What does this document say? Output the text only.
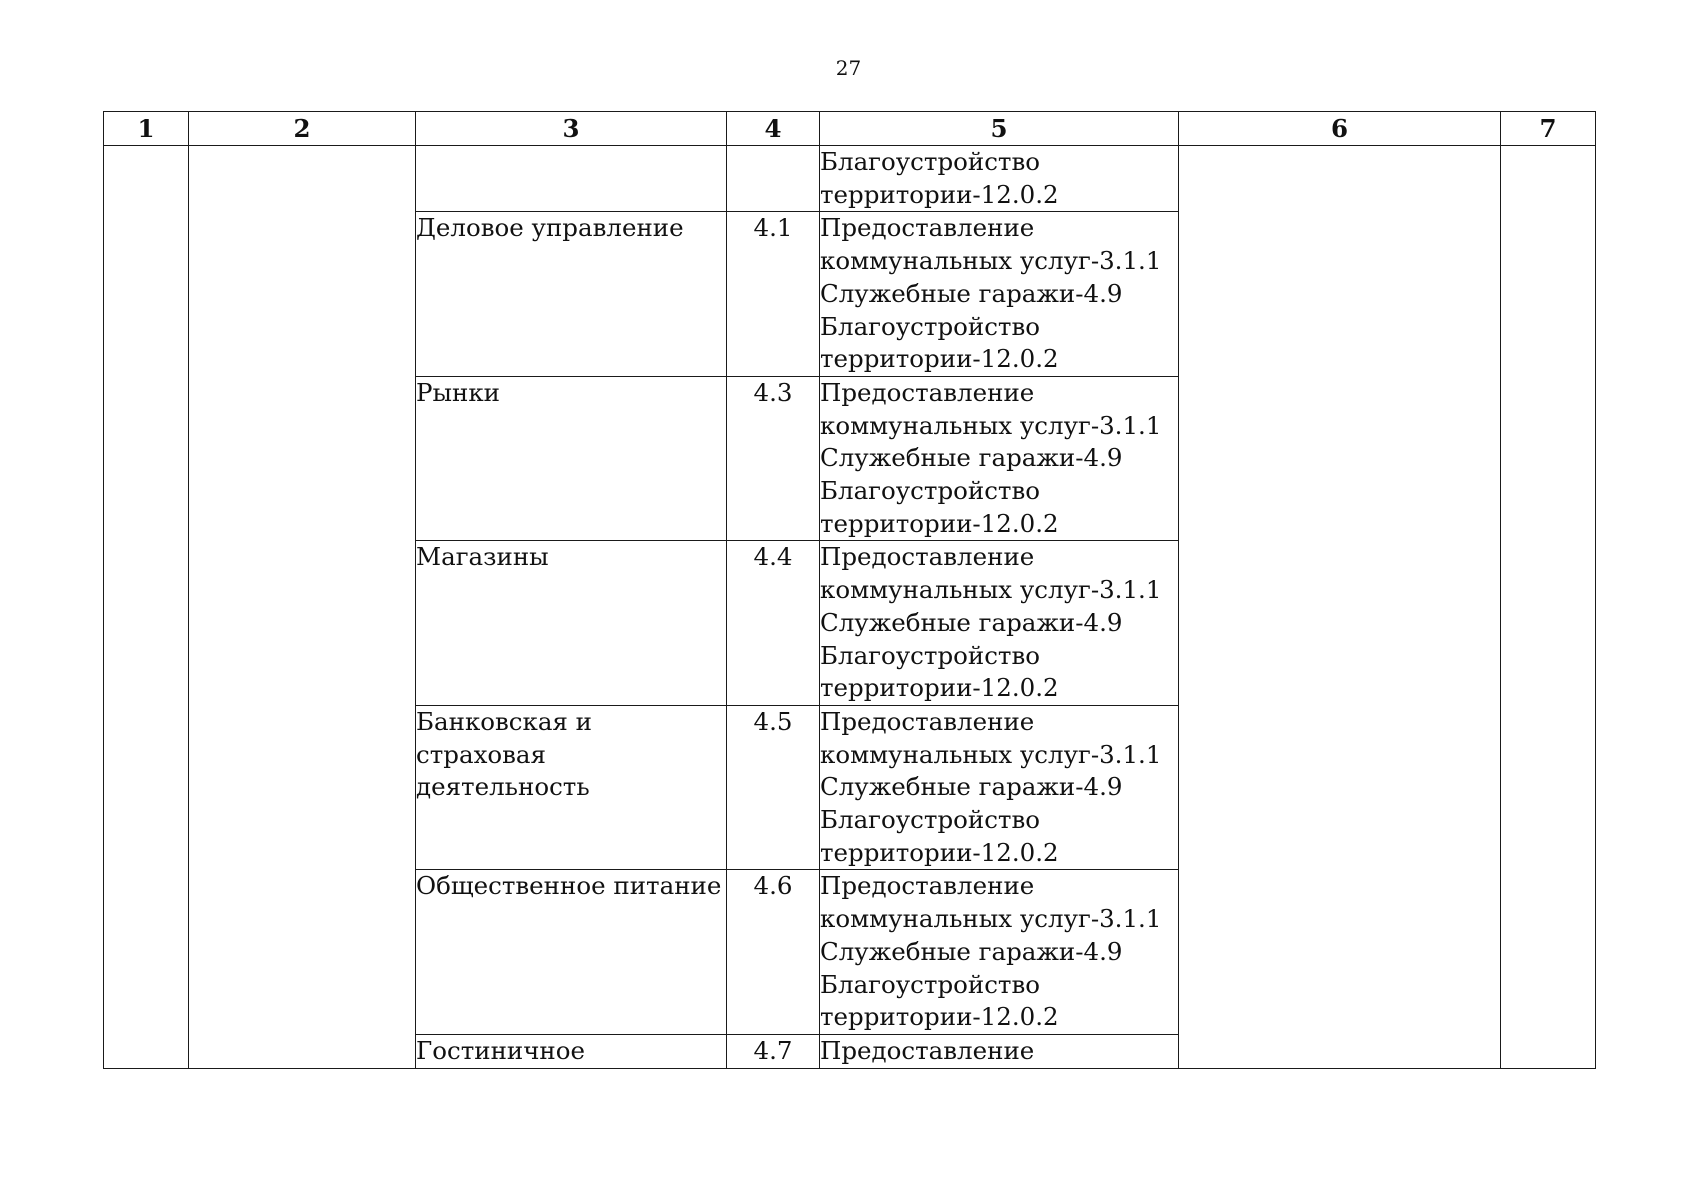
27
1	2	3	4	5	6	7

				Благоустройство
территории-12.0.2		

		Деловое управление	4.1	Предоставление
коммунальных услуг-3.1.1
Служебные гаражи-4.9
Благоустройство
территории-12.0.2		

		Рынки	4.3	Предоставление
коммунальных услуг-3.1.1
Служебные гаражи-4.9
Благоустройство
территории-12.0.2		

		Магазины	4.4	Предоставление
коммунальных услуг-3.1.1
Служебные гаражи-4.9
Благоустройство
территории-12.0.2		

		Банковская и страховая деятельность	4.5	Предоставление
коммунальных услуг-3.1.1
Служебные гаражи-4.9
Благоустройство
территории-12.0.2		

		Общественное питание	4.6	Предоставление
коммунальных услуг-3.1.1
Служебные гаражи-4.9
Благоустройство
территории-12.0.2		

		Гостиничное	4.7	Предоставление		
